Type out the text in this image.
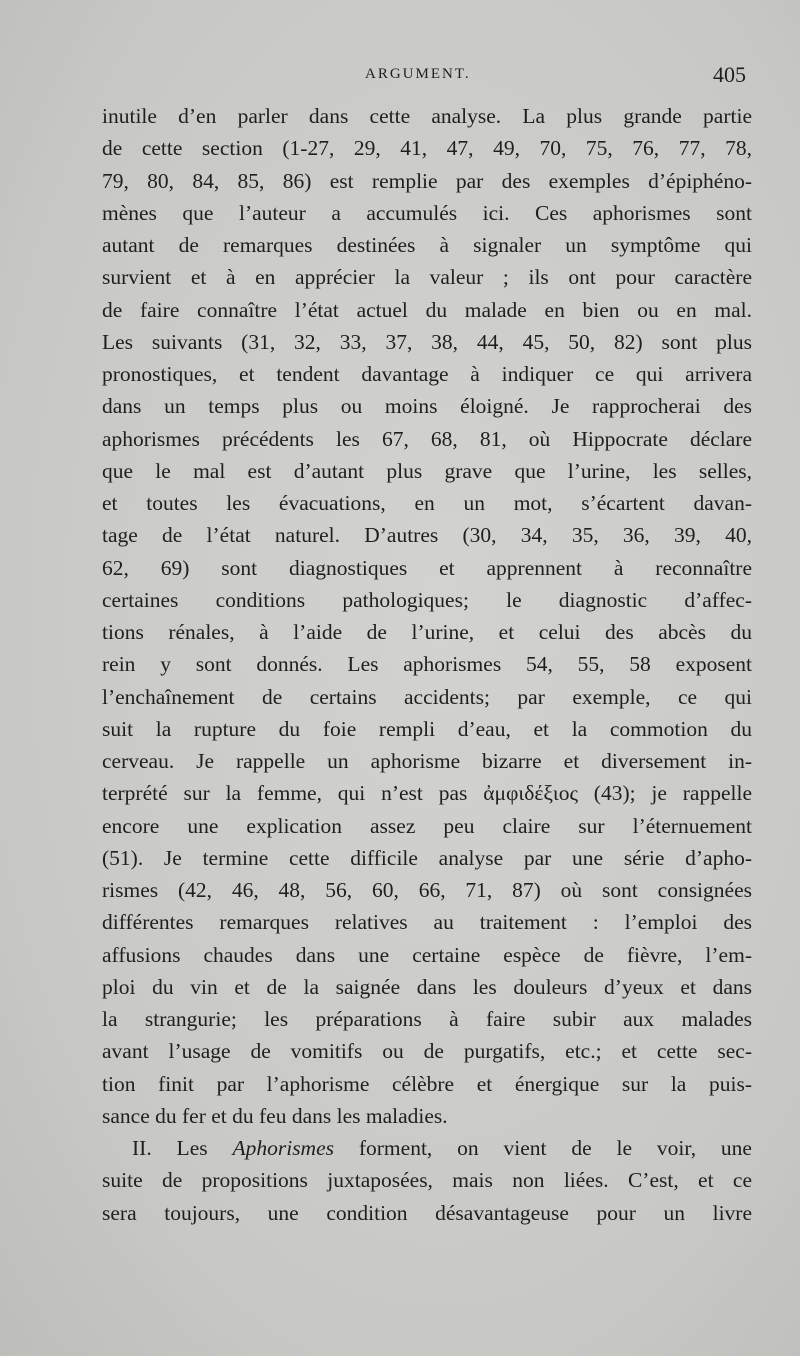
ARGUMENT.	405
inutile d’en parler dans cette analyse. La plus grande partie
de cette section (1-27, 29, 41, 47, 49, 70, 75, 76, 77, 78,
79, 80, 84, 85, 86) est remplie par des exemples d’épiphéno-
mènes que l’auteur a accumulés ici. Ces aphorismes sont
autant de remarques destinées à signaler un symptôme qui
survient et à en apprécier la valeur ; ils ont pour caractère
de faire connaître l’état actuel du malade en bien ou en mal.
Les suivants (31, 32, 33, 37, 38, 44, 45, 50, 82) sont plus
pronostiques, et tendent davantage à indiquer ce qui arrivera
dans un temps plus ou moins éloigné. Je rapprocherai des
aphorismes précédents les 67, 68, 81, où Hippocrate déclare
que le mal est d’autant plus grave que l’urine, les selles,
et toutes les évacuations, en un mot, s’écartent davan-
tage de l’état naturel. D’autres (30, 34, 35, 36, 39, 40,
62, 69) sont diagnostiques et apprennent à reconnaître
certaines conditions pathologiques; le diagnostic d’affec-
tions rénales, à l’aide de l’urine, et celui des abcès du
rein y sont donnés. Les aphorismes 54, 55, 58 exposent
l’enchaînement de certains accidents; par exemple, ce qui
suit la rupture du foie rempli d’eau, et la commotion du
cerveau. Je rappelle un aphorisme bizarre et diversement in-
terprété sur la femme, qui n’est pas ἀμφιδέξιος (43); je rappelle
encore une explication assez peu claire sur l’éternuement
(51). Je termine cette difficile analyse par une série d’apho-
rismes (42, 46, 48, 56, 60, 66, 71, 87) où sont consignées
différentes remarques relatives au traitement : l’emploi des
affusions chaudes dans une certaine espèce de fièvre, l’em-
ploi du vin et de la saignée dans les douleurs d’yeux et dans
la strangurie; les préparations à faire subir aux malades
avant l’usage de vomitifs ou de purgatifs, etc.; et cette sec-
tion finit par l’aphorisme célèbre et énergique sur la puis-
sance du fer et du feu dans les maladies.
II. Les Aphorismes forment, on vient de le voir, une
suite de propositions juxtaposées, mais non liées. C’est, et ce
sera toujours, une condition désavantageuse pour un livre
